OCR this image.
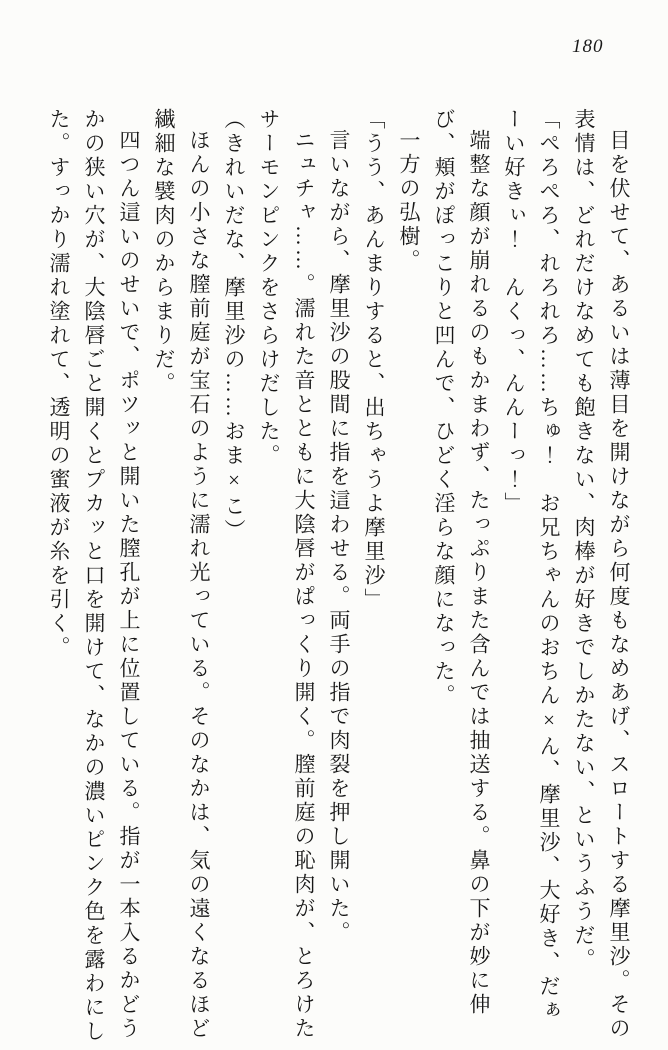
180

目を伏せて、あるいは薄目を開けながら何度もなめあげ、スロートする摩里沙。その表情は、どれだけなめても飽きない、肉棒が好きでしかたない、というふうだ。

「ぺろぺろ、れろれろ……ちゅ！　お兄ちゃんのおちん×ん、摩里沙、大好き、だぁーい好きぃ！　んくっ、んんーっ！」

端整な顔が崩れるのもかまわず、たっぷりまた含んでは抽送する。鼻の下が妙に伸び、頬がぽっこりと凹んで、ひどく淫らな顔になった。

一方の弘樹。

「うう、あんまりすると、出ちゃうよ摩里沙」

言いながら、摩里沙の股間に指を這わせる。両手の指で肉裂を押し開いた。

ニュチャ……。濡れた音とともに大陰唇がぱっくり開く。膣前庭の恥肉が、とろけたサーモンピンクをさらけだした。

（きれいだな、摩里沙の……おま×こ）

ほんの小さな膣前庭が宝石のように濡れ光っている。そのなかは、気の遠くなるほど繊細な襞肉のからまりだ。

四つん這いのせいで、ポツッと開いた膣孔が上に位置している。指が一本入るかどうかの狭い穴が、大陰唇ごと開くとプカッと口を開けて、なかの濃いピンク色を露わにした。すっかり濡れ塗れて、透明の蜜液が糸を引く。
